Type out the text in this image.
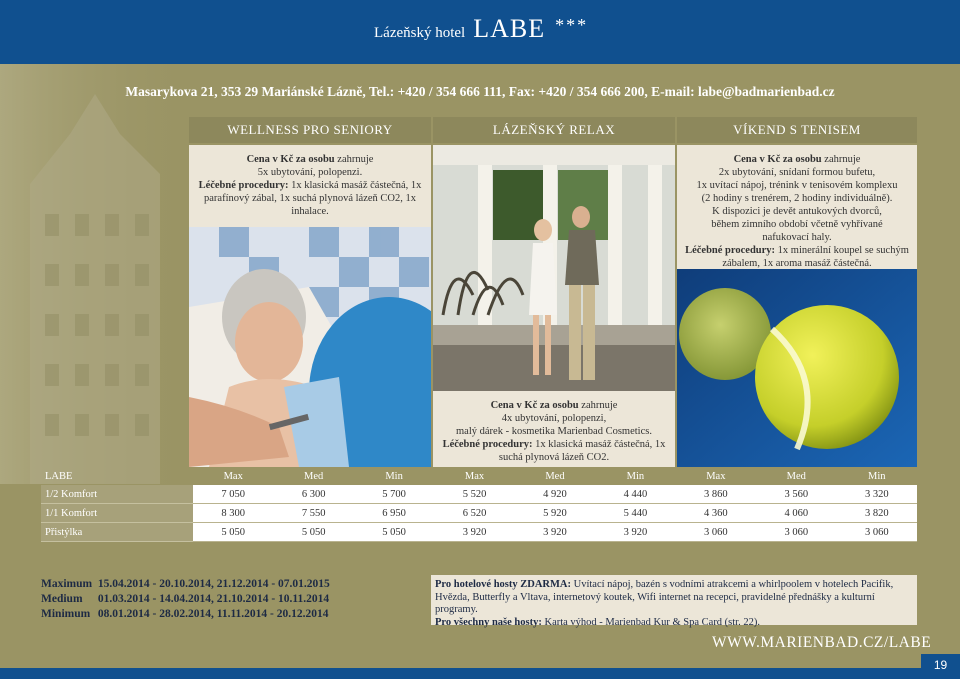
Lázeňský hotel LABE ***
Masarykova 21, 353 29 Mariánské Lázně, Tel.: +420 / 354 666 111, Fax: +420 / 354 666 200, E-mail: labe@badmarienbad.cz
WELLNESS PRO SENIORY	LÁZEŇSKÝ RELAX	VÍKEND S TENISEM
Cena v Kč za osobu zahrnuje
5x ubytování, polopenzi.
Léčebné procedury: 1x klasická masáž částečná, 1x parafínový zábal, 1x suchá plynová lázeň CO2, 1x inhalace.
Cena v Kč za osobu zahrnuje
4x ubytování, polopenzi,
malý dárek - kosmetika Marienbad Cosmetics.
Léčebné procedury: 1x klasická masáž částečná, 1x suchá plynová lázeň CO2.
Cena v Kč za osobu zahrnuje
2x ubytování, snídaní formou bufetu,
1x uvítací nápoj, trénink v tenisovém komplexu
(2 hodiny s trenérem, 2 hodiny individuálně).
K dispozici je devět antukových dvorců,
během zimního období včetně vyhřívané
nafukovací haly.
Léčebné procedury: 1x minerální koupel se suchým zábalem, 1x aroma masáž částečná.
LABE	Max	Med	Min	Max	Med	Min	Max	Med	Min
1/2 Komfort	7 050	6 300	5 700	5 520	4 920	4 440	3 860	3 560	3 320
1/1 Komfort	8 300	7 550	6 950	6 520	5 920	5 440	4 360	4 060	3 820
Přistýlka	5 050	5 050	5 050	3 920	3 920	3 920	3 060	3 060	3 060
Maximum 15.04.2014 - 20.10.2014, 21.12.2014 - 07.01.2015
Medium 01.03.2014 - 14.04.2014, 21.10.2014 - 10.11.2014
Minimum 08.01.2014 - 28.02.2014, 11.11.2014 - 20.12.2014
Pro hotelové hosty ZDARMA: Uvítací nápoj, bazén s vodními atrakcemi a whirlpoolem v hotelech Pacifik, Hvězda, Butterfly a Vltava, internetový koutek, Wifi internet na recepci, pravidelné přednášky a kulturní programy.
Pro všechny naše hosty: Karta výhod - Marienbad Kur & Spa Card (str. 22).
WWW.MARIENBAD.CZ/LABE
19
